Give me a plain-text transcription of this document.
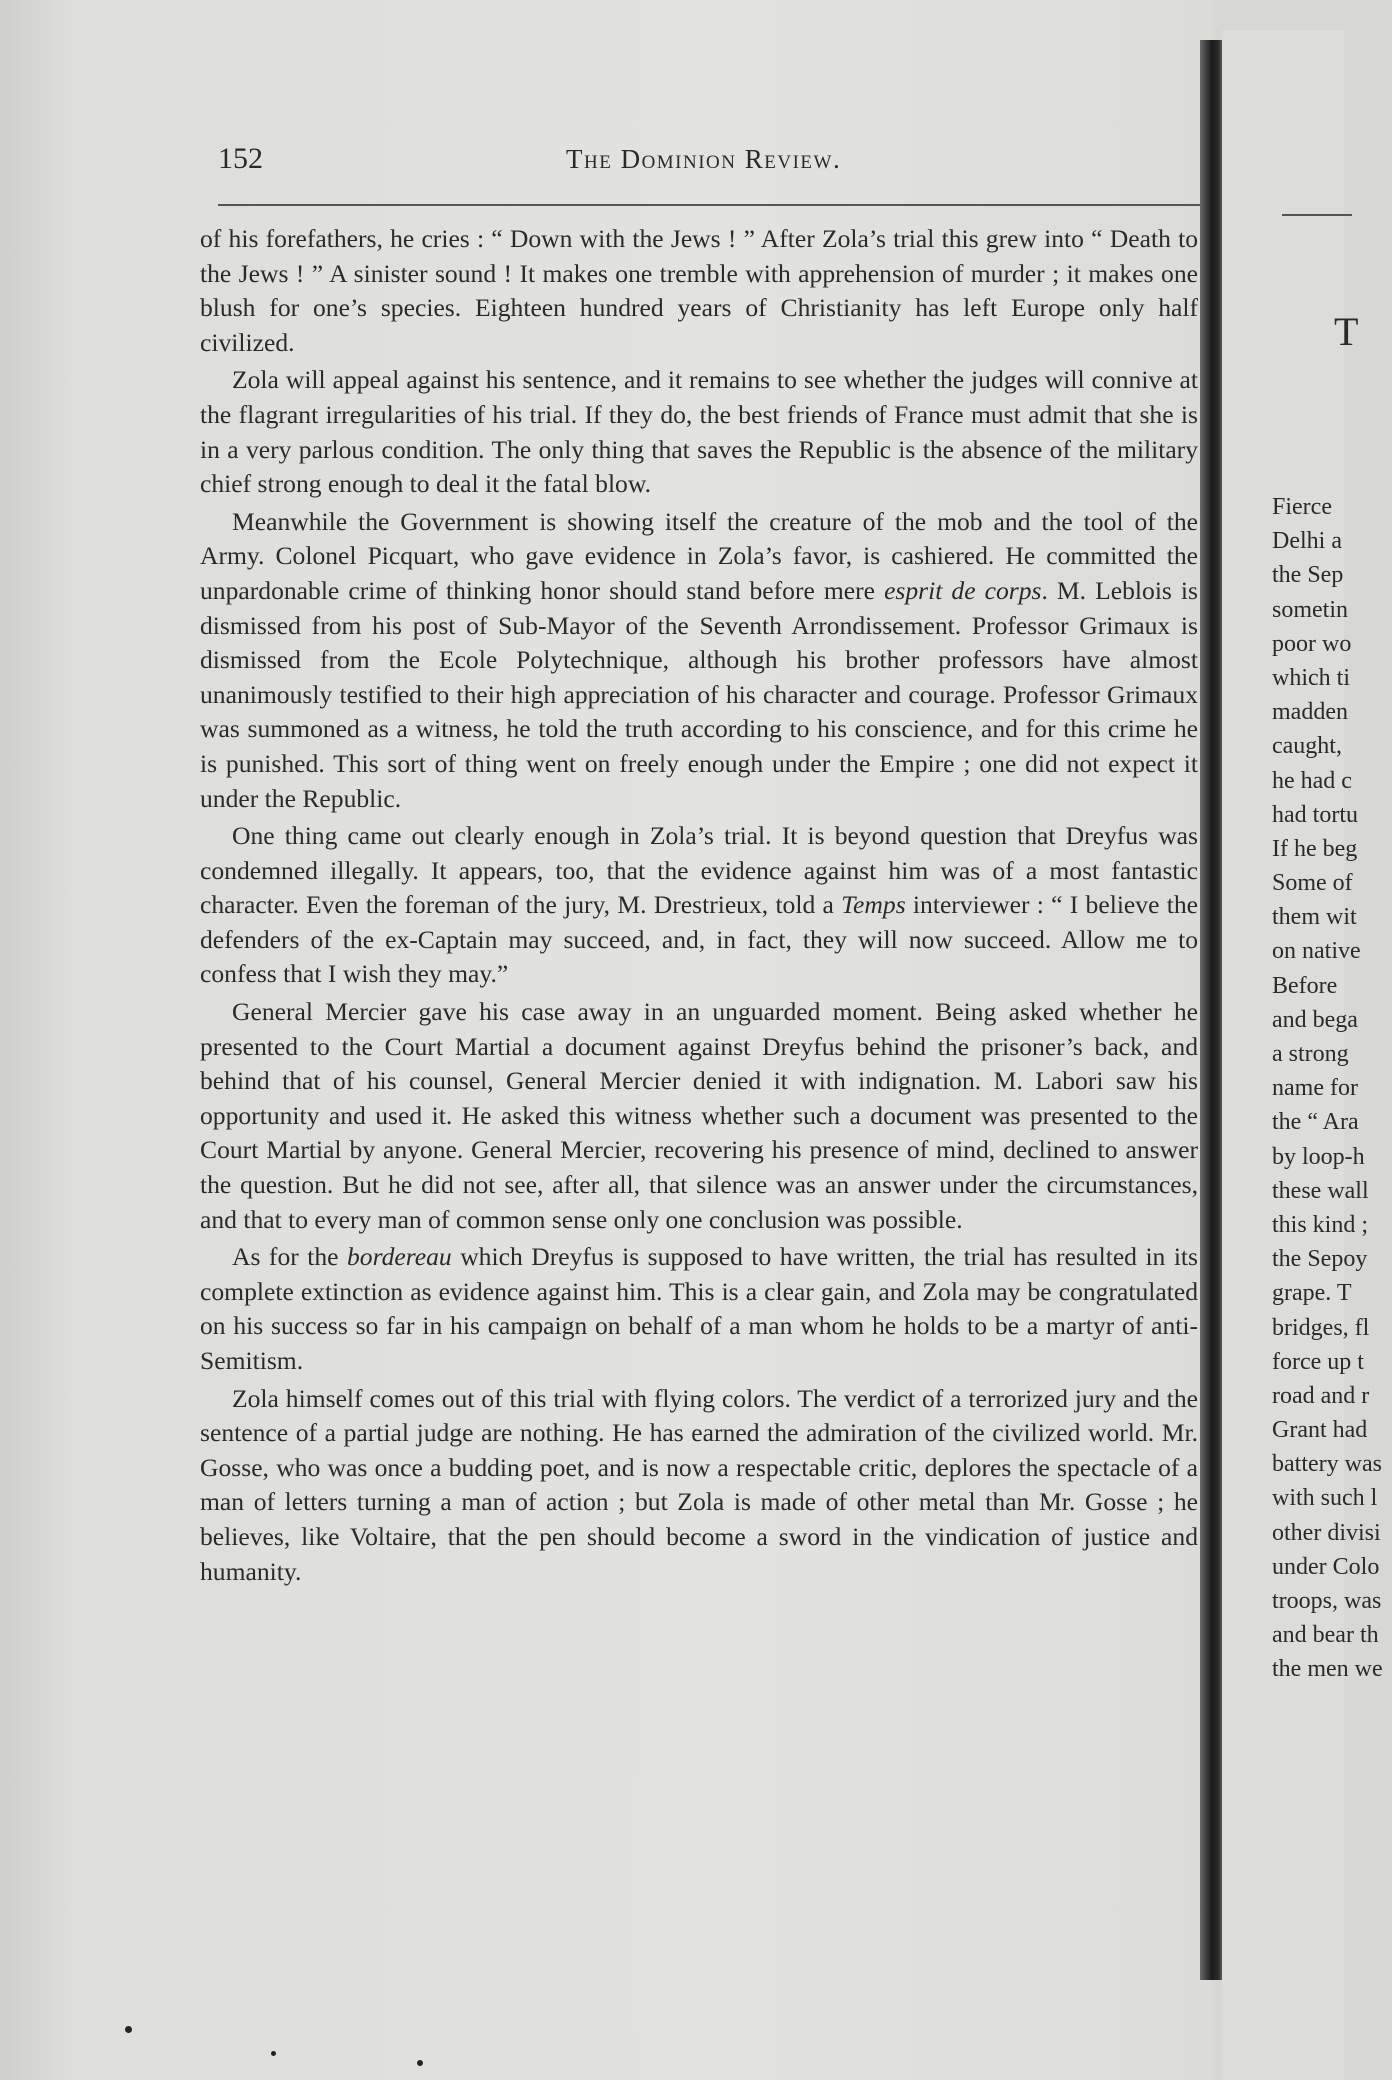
T
Fierce
Delhi a
the Sep
sometin
poor wo
which ti
madden
caught,
he had c
had tortu
If he beg
Some of
them wit
on native
Before
and bega
a strong
name for
the “ Ara
by loop-h
these wall
this kind ;
the Sepoy
grape. T
bridges, fl
force up t
road and r
Grant had
battery was
with such l
other divisi
under Colo
troops, was
and bear th
the men we
152	The Dominion Review.

of his forefathers, he cries : “ Down with the Jews ! ” After Zola’s trial this grew into “ Death to the Jews ! ” A sinister sound ! It makes one tremble with apprehension of murder ; it makes one blush for one’s species. Eighteen hundred years of Christianity has left Europe only half civilized.

Zola will appeal against his sentence, and it remains to see whether the judges will connive at the flagrant irregularities of his trial. If they do, the best friends of France must admit that she is in a very parlous condition. The only thing that saves the Republic is the absence of the military chief strong enough to deal it the fatal blow.

Meanwhile the Government is showing itself the creature of the mob and the tool of the Army. Colonel Picquart, who gave evidence in Zola’s favor, is cashiered. He committed the unpardonable crime of thinking honor should stand before mere esprit de corps. M. Leblois is dismissed from his post of Sub-Mayor of the Seventh Arrondissement. Professor Grimaux is dismissed from the Ecole Polytechnique, although his brother professors have almost unanimously testified to their high appreciation of his character and courage. Professor Grimaux was summoned as a witness, he told the truth according to his conscience, and for this crime he is punished. This sort of thing went on freely enough under the Empire ; one did not expect it under the Republic.

One thing came out clearly enough in Zola’s trial. It is beyond question that Dreyfus was condemned illegally. It appears, too, that the evidence against him was of a most fantastic character. Even the foreman of the jury, M. Drestrieux, told a Temps interviewer : “ I believe the defenders of the ex-Captain may succeed, and, in fact, they will now succeed. Allow me to confess that I wish they may.”

General Mercier gave his case away in an unguarded moment. Being asked whether he presented to the Court Martial a document against Dreyfus behind the prisoner’s back, and behind that of his counsel, General Mercier denied it with indignation. M. Labori saw his opportunity and used it. He asked this witness whether such a document was presented to the Court Martial by anyone. General Mercier, recovering his presence of mind, declined to answer the question. But he did not see, after all, that silence was an answer under the circumstances, and that to every man of common sense only one conclusion was possible.

As for the bordereau which Dreyfus is supposed to have written, the trial has resulted in its complete extinction as evidence against him. This is a clear gain, and Zola may be congratulated on his success so far in his campaign on behalf of a man whom he holds to be a martyr of anti-Semitism.

Zola himself comes out of this trial with flying colors. The verdict of a terrorized jury and the sentence of a partial judge are nothing. He has earned the admiration of the civilized world. Mr. Gosse, who was once a budding poet, and is now a respectable critic, deplores the spectacle of a man of letters turning a man of action ; but Zola is made of other metal than Mr. Gosse ; he believes, like Voltaire, that the pen should become a sword in the vindication of justice and humanity.
